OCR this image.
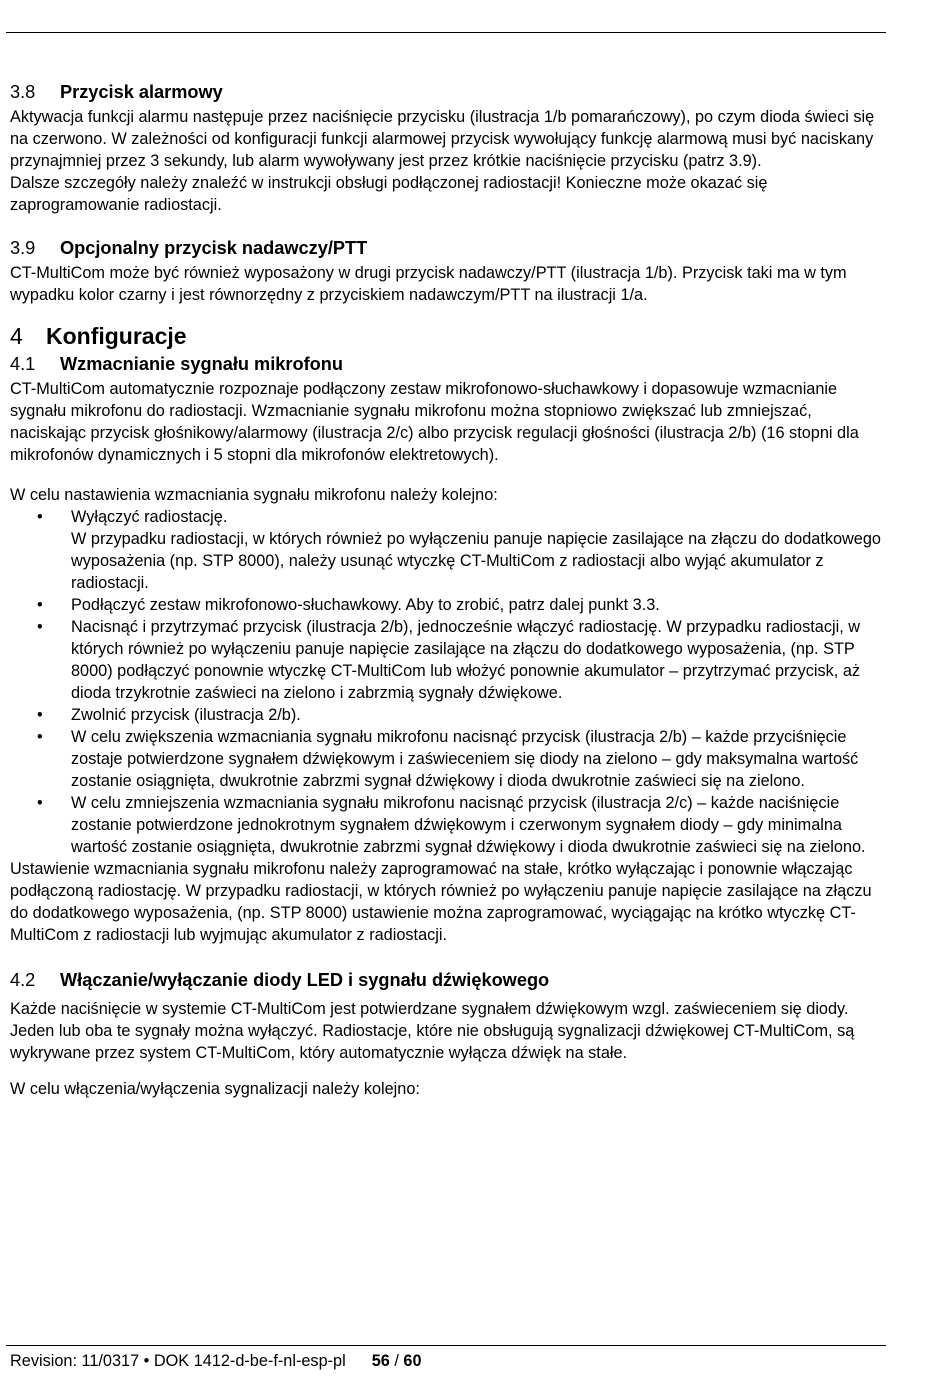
3.8 Przycisk alarmowy

Aktywacja funkcji alarmu następuje przez naciśnięcie przycisku (ilustracja 1/b pomarańczowy), po czym dioda świeci się na czerwono. W zależności od konfiguracji funkcji alarmowej przycisk wywołujący funkcję alarmową musi być naciskany przynajmniej przez 3 sekundy, lub alarm wywoływany jest przez krótkie naciśnięcie przycisku (patrz 3.9).

Dalsze szczegóły należy znaleźć w instrukcji obsługi podłączonej radiostacji! Konieczne może okazać się zaprogramowanie radiostacji.

3.9 Opcjonalny przycisk nadawczy/PTT

CT-MultiCom może być również wyposażony w drugi przycisk nadawczy/PTT (ilustracja 1/b). Przycisk taki ma w tym wypadku kolor czarny i jest równorzędny z przyciskiem nadawczym/PTT na ilustracji 1/a.

4 Konfiguracje
4.1 Wzmacnianie sygnału mikrofonu

CT-MultiCom automatycznie rozpoznaje podłączony zestaw mikrofonowo-słuchawkowy i dopasowuje wzmacnianie sygnału mikrofonu do radiostacji. Wzmacnianie sygnału mikrofonu można stopniowo zwiększać lub zmniejszać, naciskając przycisk głośnikowy/alarmowy (ilustracja 2/c) albo przycisk regulacji głośności (ilustracja 2/b) (16 stopni dla mikrofonów dynamicznych i 5 stopni dla mikrofonów elektretowych).

W celu nastawienia wzmacniania sygnału mikrofonu należy kolejno:

• Wyłączyć radiostację.
W przypadku radiostacji, w których również po wyłączeniu panuje napięcie zasilające na złączu do dodatkowego wyposażenia (np. STP 8000), należy usunąć wtyczkę CT-MultiCom z radiostacji albo wyjąć akumulator z radiostacji.
• Podłączyć zestaw mikrofonowo-słuchawkowy. Aby to zrobić, patrz dalej punkt 3.3.
• Nacisnąć i przytrzymać przycisk (ilustracja 2/b), jednocześnie włączyć radiostację. W przypadku radiostacji, w których również po wyłączeniu panuje napięcie zasilające na złączu do dodatkowego wyposażenia, (np. STP 8000) podłączyć ponownie wtyczkę CT-MultiCom lub włożyć ponownie akumulator – przytrzymać przycisk, aż dioda trzykrotnie zaświeci na zielono i zabrzmią sygnały dźwiękowe.
• Zwolnić przycisk (ilustracja 2/b).
• W celu zwiększenia wzmacniania sygnału mikrofonu nacisnąć przycisk (ilustracja 2/b) – każde przyciśnięcie zostaje potwierdzone sygnałem dźwiękowym i zaświeceniem się diody na zielono – gdy maksymalna wartość zostanie osiągnięta, dwukrotnie zabrzmi sygnał dźwiękowy i dioda dwukrotnie zaświeci się na zielono.
• W celu zmniejszenia wzmacniania sygnału mikrofonu nacisnąć przycisk (ilustracja 2/c) – każde naciśnięcie zostanie potwierdzone jednokrotnym sygnałem dźwiękowym i czerwonym sygnałem diody – gdy minimalna wartość zostanie osiągnięta, dwukrotnie zabrzmi sygnał dźwiękowy i dioda dwukrotnie zaświeci się na zielono.

Ustawienie wzmacniania sygnału mikrofonu należy zaprogramować na stałe, krótko wyłączając i ponownie włączając podłączoną radiostację. W przypadku radiostacji, w których również po wyłączeniu panuje napięcie zasilające na złączu do dodatkowego wyposażenia, (np. STP 8000) ustawienie można zaprogramować, wyciągając na krótko wtyczkę CT-MultiCom z radiostacji lub wyjmując akumulator z radiostacji.

4.2 Włączanie/wyłączanie diody LED i sygnału dźwiękowego

Każde naciśnięcie w systemie CT-MultiCom jest potwierdzane sygnałem dźwiękowym wzgl. zaświeceniem się diody. Jeden lub oba te sygnały można wyłączyć. Radiostacje, które nie obsługują sygnalizacji dźwiękowej CT-MultiCom, są wykrywane przez system CT-MultiCom, który automatycznie wyłącza dźwięk na stałe.

W celu włączenia/wyłączenia sygnalizacji należy kolejno:

Revision: 11/0317 • DOK 1412-d-be-f-nl-esp-pl 56 / 60
